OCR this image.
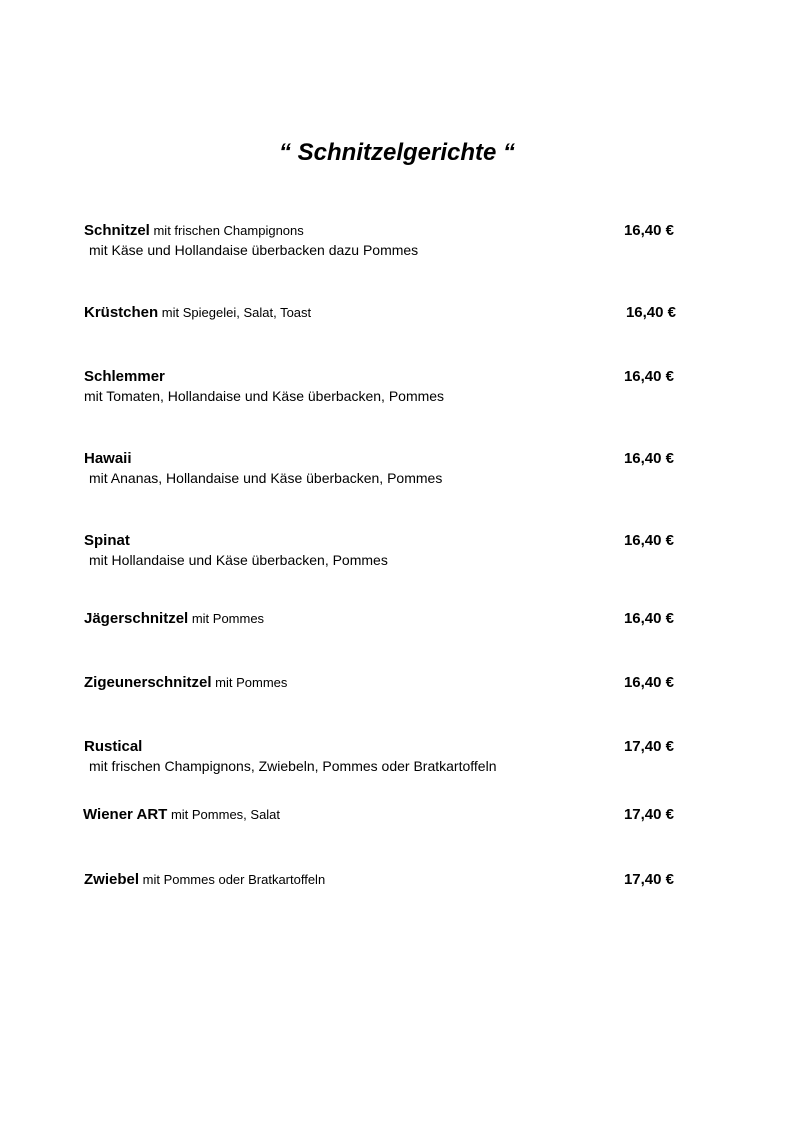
“ Schnitzelgerichte “
Schnitzel mit frischen Champignons	16,40 €
mit Käse und Hollandaise überbacken dazu Pommes
Krüstchen mit Spiegelei, Salat, Toast	16,40 €
Schlemmer	16,40 €
mit Tomaten, Hollandaise und Käse überbacken, Pommes
Hawaii	16,40 €
mit Ananas, Hollandaise und Käse überbacken, Pommes
Spinat	16,40 €
mit Hollandaise und Käse überbacken, Pommes
Jägerschnitzel mit Pommes	16,40 €
Zigeunerschnitzel mit Pommes	16,40 €
Rustical	17,40 €
mit frischen Champignons, Zwiebeln, Pommes oder Bratkartoffeln
Wiener ART mit Pommes, Salat	17,40 €
Zwiebel mit Pommes oder Bratkartoffeln	17,40 €
